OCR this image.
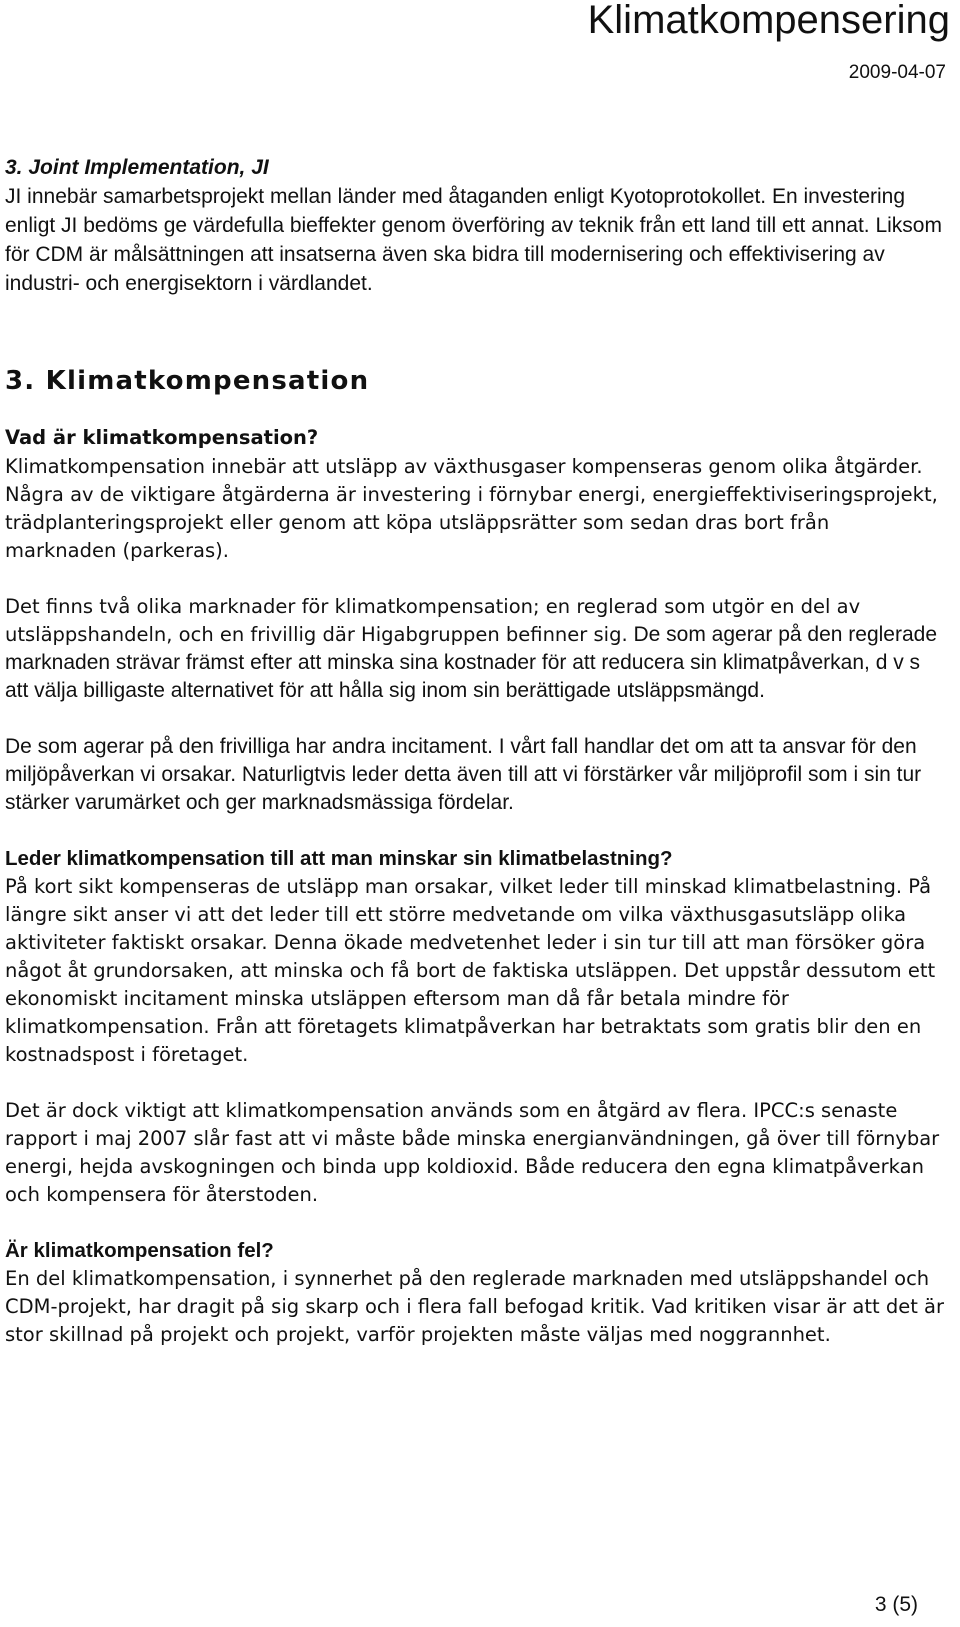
Klimatkompensering
2009-04-07
3. Joint Implementation, JI

JI innebär samarbetsprojekt mellan länder med åtaganden enligt Kyotoprotokollet. En investering enligt JI bedöms ge värdefulla bieffekter genom överföring av teknik från ett land till ett annat. Liksom för CDM är målsättningen att insatserna även ska bidra till modernisering och effektivisering av industri- och energisektorn i värdlandet.

3. Klimatkompensation
Vad är klimatkompensation?

Klimatkompensation innebär att utsläpp av växthusgaser kompenseras genom olika åtgärder. Några av de viktigare åtgärderna är investering i förnybar energi, energieffektiviseringsprojekt, trädplanteringsprojekt eller genom att köpa utsläppsrätter som sedan dras bort från marknaden (parkeras).

Det finns två olika marknader för klimatkompensation; en reglerad som utgör en del av utsläppshandeln, och en frivillig där Higabgruppen befinner sig. De som agerar på den reglerade marknaden strävar främst efter att minska sina kostnader för att reducera sin klimatpåverkan, d v s att välja billigaste alternativet för att hålla sig inom sin berättigade utsläppsmängd.

De som agerar på den frivilliga har andra incitament. I vårt fall handlar det om att ta ansvar för den miljöpåverkan vi orsakar. Naturligtvis leder detta även till att vi förstärker vår miljöprofil som i sin tur stärker varumärket och ger marknadsmässiga fördelar.

Leder klimatkompensation till att man minskar sin klimatbelastning?

På kort sikt kompenseras de utsläpp man orsakar, vilket leder till minskad klimatbelastning. På längre sikt anser vi att det leder till ett större medvetande om vilka växthusgasutsläpp olika aktiviteter faktiskt orsakar. Denna ökade medvetenhet leder i sin tur till att man försöker göra något åt grundorsaken, att minska och få bort de faktiska utsläppen. Det uppstår dessutom ett ekonomiskt incitament minska utsläppen eftersom man då får betala mindre för klimatkompensation. Från att företagets klimatpåverkan har betraktats som gratis blir den en kostnadspost i företaget.

Det är dock viktigt att klimatkompensation används som en åtgärd av flera. IPCC:s senaste rapport i maj 2007 slår fast att vi måste både minska energianvändningen, gå över till förnybar energi, hejda avskogningen och binda upp koldioxid. Både reducera den egna klimatpåverkan och kompensera för återstoden.

Är klimatkompensation fel?

En del klimatkompensation, i synnerhet på den reglerade marknaden med utsläppshandel och CDM-projekt, har dragit på sig skarp och i flera fall befogad kritik. Vad kritiken visar är att det är stor skillnad på projekt och projekt, varför projekten måste väljas med noggrannhet.

3 (5)
